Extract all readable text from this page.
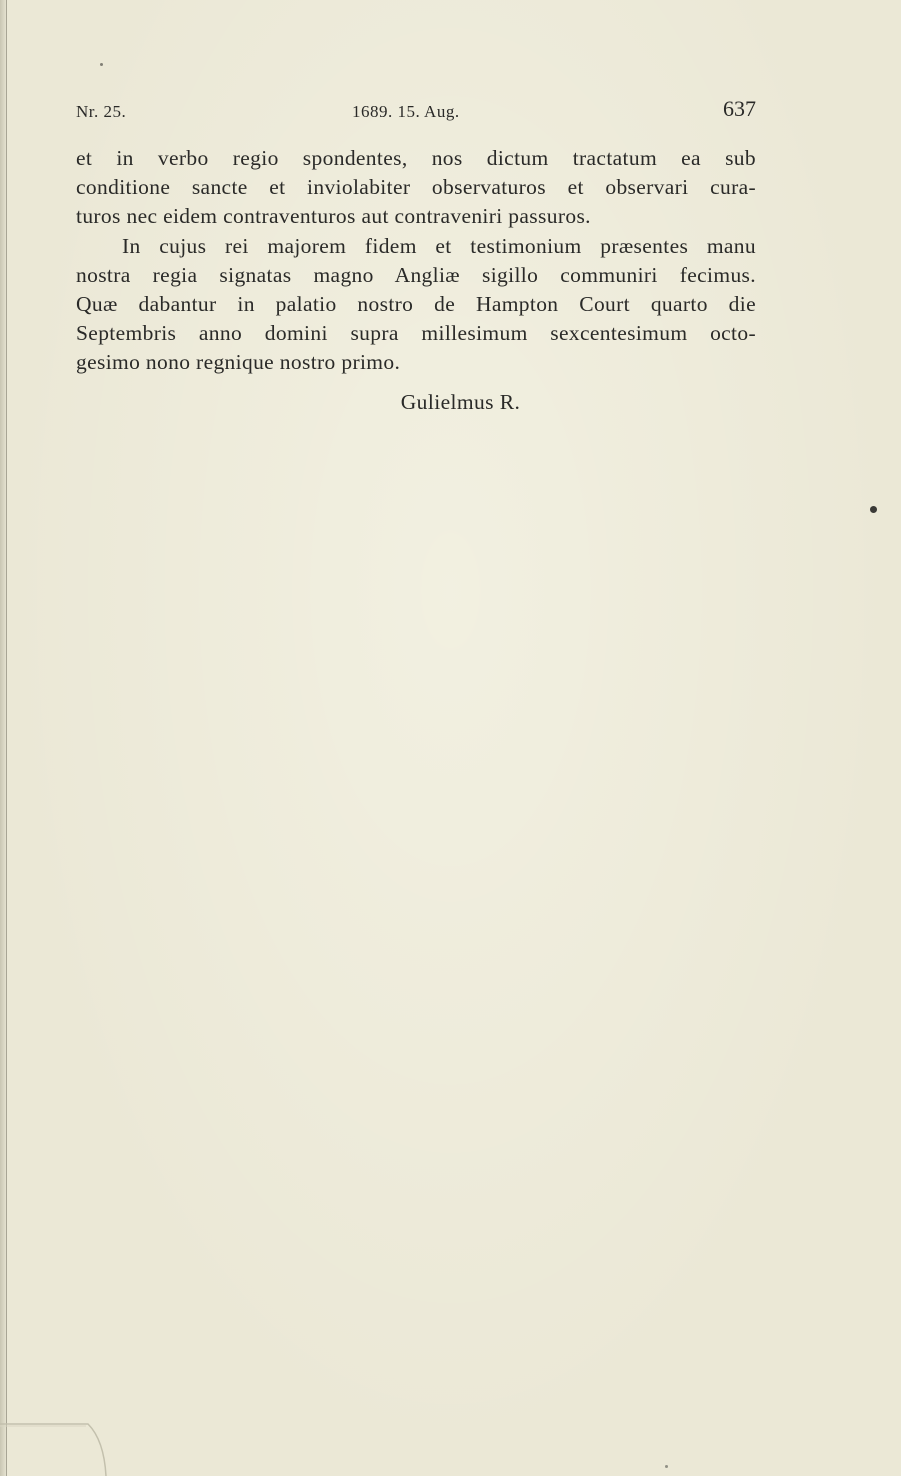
Nr. 25.	1689. 15. Aug.	637
et in verbo regio spondentes, nos dictum tractatum ea sub
conditione sancte et inviolabiter observaturos et observari cura-
turos nec eidem contraventuros aut contraveniri passuros.
In cujus rei majorem fidem et testimonium præsentes manu
nostra regia signatas magno Angliæ sigillo communiri fecimus.
Quæ dabantur in palatio nostro de Hampton Court quarto die
Septembris anno domini supra millesimum sexcentesimum octo-
gesimo nono regnique nostro primo.
Gulielmus R.
